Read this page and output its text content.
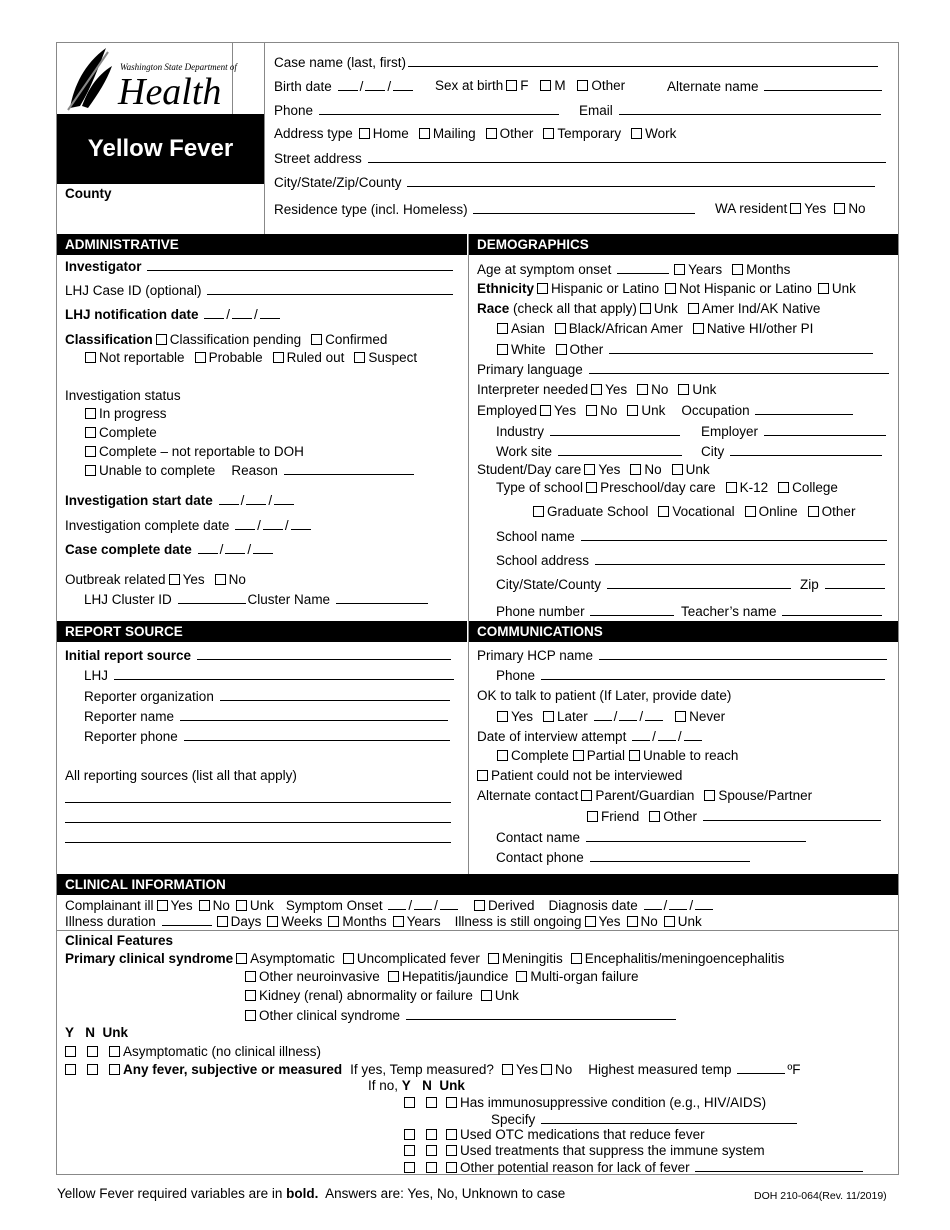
Washington State Department of
Health
Yellow Fever
County
Case name (last, first)
Birth date / /	Sex at birth F M Other	Alternate name
Phone	Email
Address type Home Mailing Other Temporary Work
Street address
City/State/Zip/County
Residence type (incl. Homeless)	WA resident Yes No
ADMINISTRATIVE	DEMOGRAPHICS
Investigator
LHJ Case ID (optional)
LHJ notification date / /
Classification Classification pending Confirmed
Not reportable Probable Ruled out Suspect
Investigation status
In progress
Complete
Complete – not reportable to DOH
Unable to complete Reason
Investigation start date / /
Investigation complete date / /
Case complete date / /
Outbreak related Yes No
LHJ Cluster ID	Cluster Name
Age at symptom onset	Years Months
Ethnicity Hispanic or Latino Not Hispanic or Latino Unk
Race (check all that apply) Unk Amer Ind/AK Native
Asian Black/African Amer Native HI/other PI
White Other
Primary language
Interpreter needed Yes No Unk
Employed Yes No Unk Occupation
Industry	Employer
Work site	City
Student/Day care Yes No Unk
Type of school Preschool/day care K-12 College
Graduate School Vocational Online Other
School name
School address
City/State/County	Zip
Phone number	Teacher’s name
REPORT SOURCE	COMMUNICATIONS
Initial report source
LHJ
Reporter organization
Reporter name
Reporter phone
All reporting sources (list all that apply)
Primary HCP name
Phone
OK to talk to patient (If Later, provide date)
Yes Later / /	Never
Date of interview attempt / /
Complete Partial Unable to reach
Patient could not be interviewed
Alternate contact Parent/Guardian Spouse/Partner
Friend Other
Contact name
Contact phone
CLINICAL INFORMATION
Complainant ill Yes No Unk Symptom Onset / /	Derived Diagnosis date / /
Illness duration	Days Weeks Months Years Illness is still ongoing Yes No Unk
Clinical Features
Primary clinical syndrome Asymptomatic Uncomplicated fever Meningitis Encephalitis/meningoencephalitis
Other neuroinvasive Hepatitis/jaundice Multi-organ failure
Kidney (renal) abnormality or failure Unk
Other clinical syndrome
Y N Unk
Asymptomatic (no clinical illness)
Any fever, subjective or measured If yes, Temp measured? Yes No Highest measured temp	ºF
If no, Y N Unk
Has immunosuppressive condition (e.g., HIV/AIDS)
Specify
Used OTC medications that reduce fever
Used treatments that suppress the immune system
Other potential reason for lack of fever
Yellow Fever required variables are in bold.  Answers are: Yes, No, Unknown to case	DOH 210-064(Rev. 11/2019)
